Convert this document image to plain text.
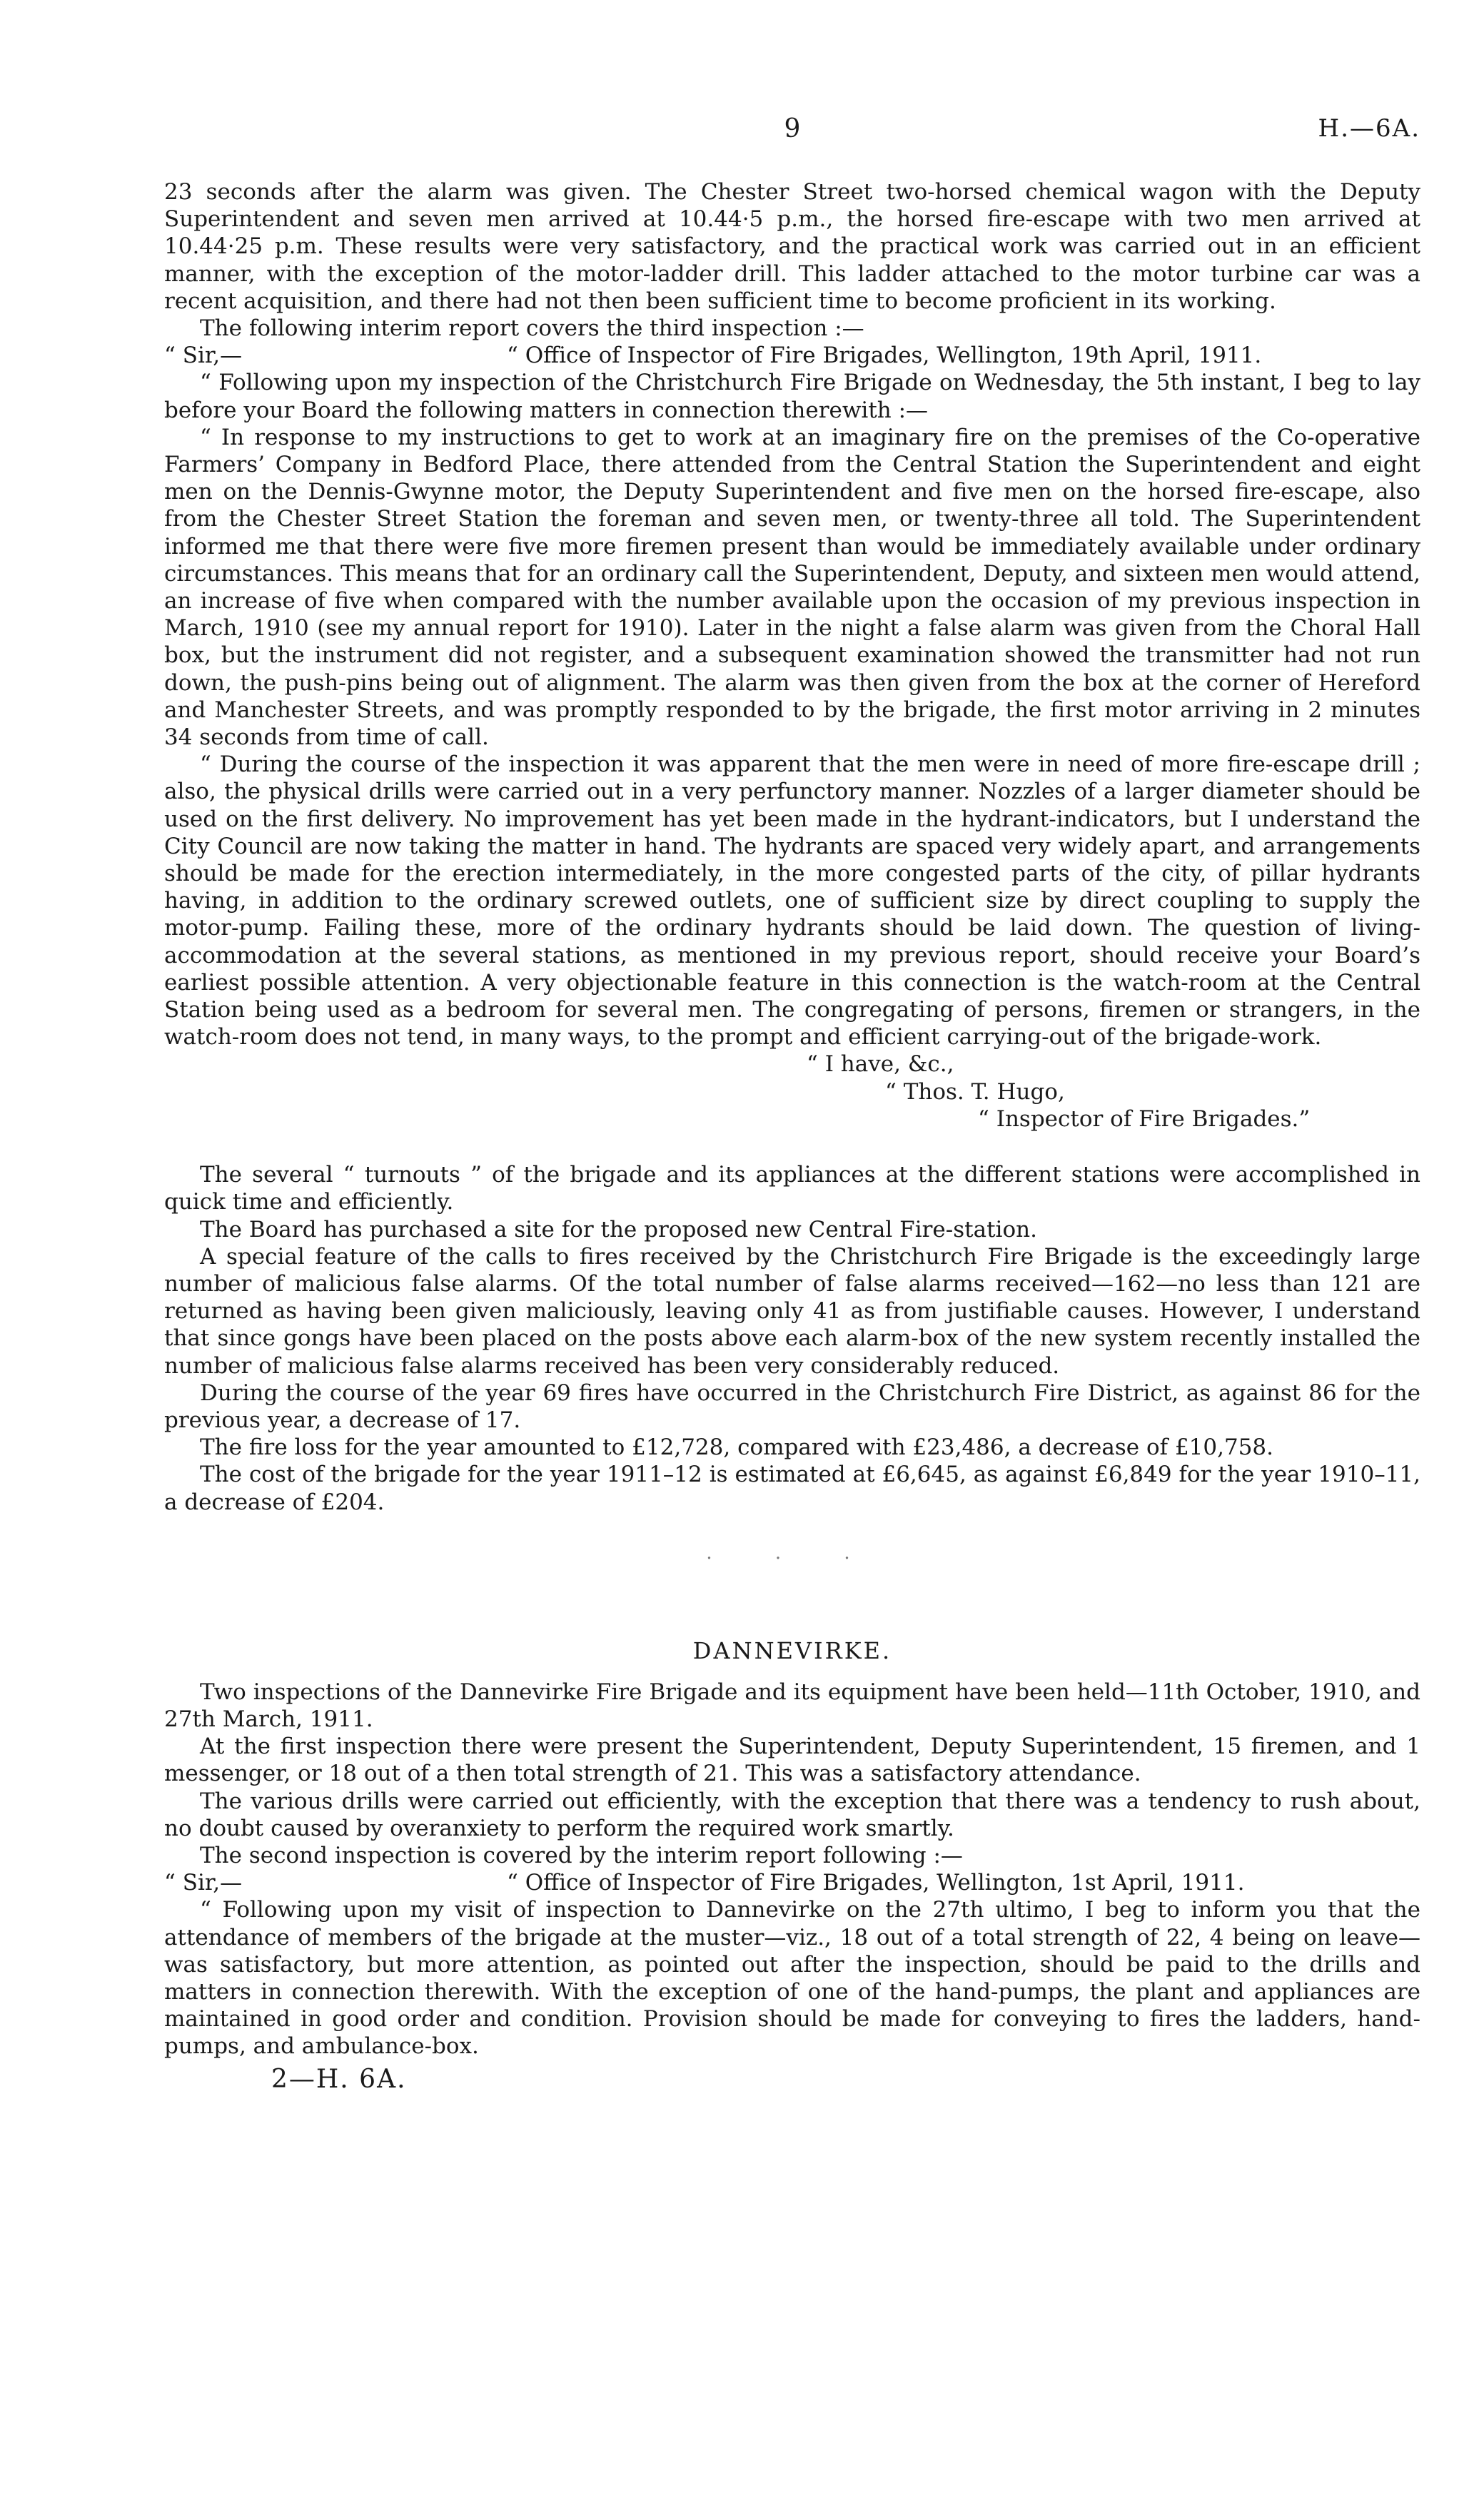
9	H.—6A.

23 seconds after the alarm was given. The Chester Street two-horsed chemical wagon with the Deputy Superintendent and seven men arrived at 10.44·5 p.m., the horsed fire-escape with two men arrived at 10.44·25 p.m. These results were very satisfactory, and the practical work was carried out in an efficient manner, with the exception of the motor-ladder drill. This ladder attached to the motor turbine car was a recent acquisition, and there had not then been sufficient time to become proficient in its working.

The following interim report covers the third inspection :—

“ Sir,—	“ Office of Inspector of Fire Brigades, Wellington, 19th April, 1911.

“ Following upon my inspection of the Christchurch Fire Brigade on Wednesday, the 5th instant, I beg to lay before your Board the following matters in connection therewith :—

“ In response to my instructions to get to work at an imaginary fire on the premises of the Co-operative Farmers’ Company in Bedford Place, there attended from the Central Station the Superintendent and eight men on the Dennis-Gwynne motor, the Deputy Superintendent and five men on the horsed fire-escape, also from the Chester Street Station the foreman and seven men, or twenty-three all told. The Superintendent informed me that there were five more firemen present than would be immediately available under ordinary circumstances. This means that for an ordinary call the Superintendent, Deputy, and sixteen men would attend, an increase of five when compared with the number available upon the occasion of my previous inspection in March, 1910 (see my annual report for 1910). Later in the night a false alarm was given from the Choral Hall box, but the instrument did not register, and a subsequent examination showed the transmitter had not run down, the push-pins being out of alignment. The alarm was then given from the box at the corner of Hereford and Manchester Streets, and was promptly responded to by the brigade, the first motor arriving in 2 minutes 34 seconds from time of call.

“ During the course of the inspection it was apparent that the men were in need of more fire-escape drill ; also, the physical drills were carried out in a very perfunctory manner. Nozzles of a larger diameter should be used on the first delivery. No improvement has yet been made in the hydrant-indicators, but I understand the City Council are now taking the matter in hand. The hydrants are spaced very widely apart, and arrangements should be made for the erection intermediately, in the more congested parts of the city, of pillar hydrants having, in addition to the ordinary screwed outlets, one of sufficient size by direct coupling to supply the motor-pump. Failing these, more of the ordinary hydrants should be laid down. The question of living-accommodation at the several stations, as mentioned in my previous report, should receive your Board’s earliest possible attention. A very objectionable feature in this connection is the watch-room at the Central Station being used as a bedroom for several men. The congregating of persons, firemen or strangers, in the watch-room does not tend, in many ways, to the prompt and efficient carrying-out of the brigade-work.

“ I have, &c.,
“ Thos. T. Hugo,
“ Inspector of Fire Brigades.”

The several “ turnouts ” of the brigade and its appliances at the different stations were accomplished in quick time and efficiently.

The Board has purchased a site for the proposed new Central Fire-station.

A special feature of the calls to fires received by the Christchurch Fire Brigade is the exceedingly large number of malicious false alarms. Of the total number of false alarms received—162—no less than 121 are returned as having been given maliciously, leaving only 41 as from justifiable causes. However, I understand that since gongs have been placed on the posts above each alarm-box of the new system recently installed the number of malicious false alarms received has been very considerably reduced.

During the course of the year 69 fires have occurred in the Christchurch Fire District, as against 86 for the previous year, a decrease of 17.

The fire loss for the year amounted to £12,728, compared with £23,486, a decrease of £10,758.

The cost of the brigade for the year 1911–12 is estimated at £6,645, as against £6,849 for the year 1910–11, a decrease of £204.

· · ·
DANNEVIRKE.

Two inspections of the Dannevirke Fire Brigade and its equipment have been held—11th October, 1910, and 27th March, 1911.

At the first inspection there were present the Superintendent, Deputy Superintendent, 15 firemen, and 1 messenger, or 18 out of a then total strength of 21. This was a satisfactory attendance.

The various drills were carried out efficiently, with the exception that there was a tendency to rush about, no doubt caused by overanxiety to perform the required work smartly.

The second inspection is covered by the interim report following :—

“ Sir,—	“ Office of Inspector of Fire Brigades, Wellington, 1st April, 1911.

“ Following upon my visit of inspection to Dannevirke on the 27th ultimo, I beg to inform you that the attendance of members of the brigade at the muster—viz., 18 out of a total strength of 22, 4 being on leave—was satisfactory, but more attention, as pointed out after the inspection, should be paid to the drills and matters in connection therewith. With the exception of one of the hand-pumps, the plant and appliances are maintained in good order and condition. Provision should be made for conveying to fires the ladders, hand-pumps, and ambulance-box.

2—H. 6A.
